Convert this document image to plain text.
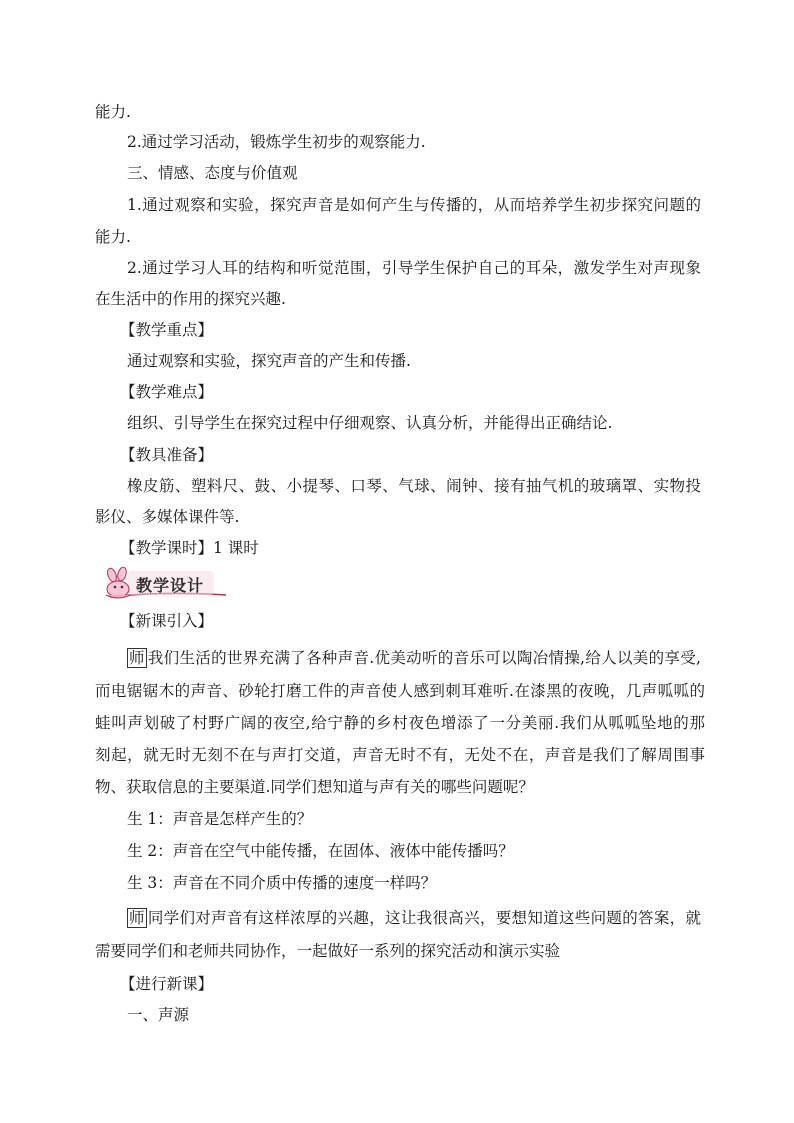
能力.
2.通过学习活动，锻炼学生初步的观察能力.
三、情感、态度与价值观
1.通过观察和实验，探究声音是如何产生与传播的，从而培养学生初步探究问题的
能力.
2.通过学习人耳的结构和听觉范围，引导学生保护自己的耳朵，激发学生对声现象
在生活中的作用的探究兴趣.
【教学重点】
通过观察和实验，探究声音的产生和传播.
【教学难点】
组织、引导学生在探究过程中仔细观察、认真分析，并能得出正确结论.
【教具准备】
橡皮筋、塑料尺、鼓、小提琴、口琴、气球、闹钟、接有抽气机的玻璃罩、实物投
影仪、多媒体课件等.
【教学课时】1 课时
教学设计
【新课引入】
师 我们生活的世界充满了各种声音.优美动听的音乐可以陶冶情操,给人以美的享受,
而电锯锯木的声音、砂轮打磨工件的声音使人感到刺耳难听.在漆黑的夜晚，几声呱呱的
蛙叫声划破了村野广阔的夜空,给宁静的乡村夜色增添了一分美丽.我们从呱呱坠地的那
刻起，就无时无刻不在与声打交道，声音无时不有，无处不在，声音是我们了解周围事
物、获取信息的主要渠道.同学们想知道与声有关的哪些问题呢？
生 1：声音是怎样产生的？
生 2：声音在空气中能传播，在固体、液体中能传播吗？
生 3：声音在不同介质中传播的速度一样吗？
师 同学们对声音有这样浓厚的兴趣，这让我很高兴，要想知道这些问题的答案，就
需要同学们和老师共同协作，一起做好一系列的探究活动和演示实验
【进行新课】
一、声源
